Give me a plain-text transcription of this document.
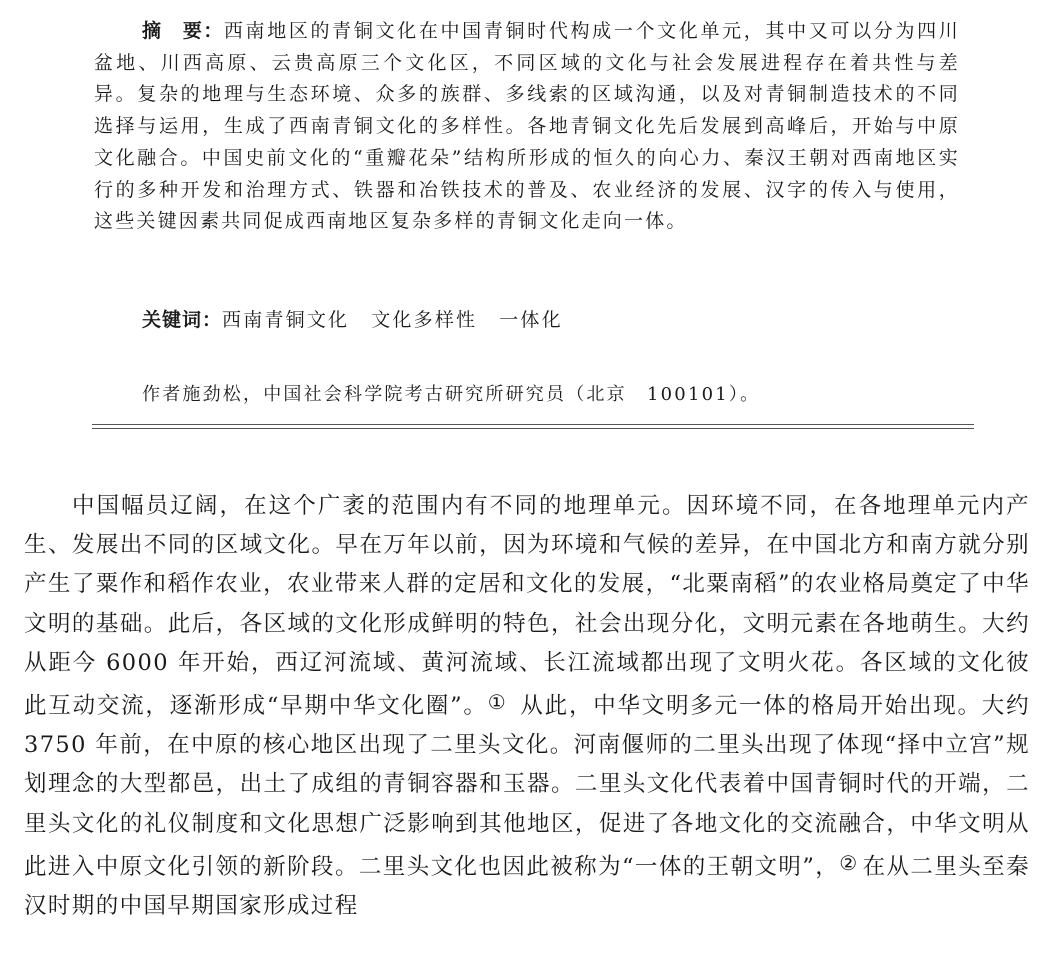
摘　要：西南地区的青铜文化在中国青铜时代构成一个文化单元，其中又可以分为四川盆地、川西高原、云贵高原三个文化区，不同区域的文化与社会发展进程存在着共性与差异。复杂的地理与生态环境、众多的族群、多线索的区域沟通，以及对青铜制造技术的不同选择与运用，生成了西南青铜文化的多样性。各地青铜文化先后发展到高峰后，开始与中原文化融合。中国史前文化的“重瓣花朵”结构所形成的恒久的向心力、秦汉王朝对西南地区实行的多种开发和治理方式、铁器和冶铁技术的普及、农业经济的发展、汉字的传入与使用，这些关键因素共同促成西南地区复杂多样的青铜文化走向一体。

关键词：西南青铜文化 文化多样性 一体化
作者施劲松，中国社会科学院考古研究所研究员（北京　100101）。

中国幅员辽阔，在这个广袤的范围内有不同的地理单元。因环境不同，在各地理单元内产生、发展出不同的区域文化。早在万年以前，因为环境和气候的差异，在中国北方和南方就分别产生了粟作和稻作农业，农业带来人群的定居和文化的发展，“北粟南稻”的农业格局奠定了中华文明的基础。此后，各区域的文化形成鲜明的特色，社会出现分化，文明元素在各地萌生。大约从距今 6000 年开始，西辽河流域、黄河流域、长江流域都出现了文明火花。各区域的文化彼此互动交流，逐渐形成“早期中华文化圈”。① 从此，中华文明多元一体的格局开始出现。大约 3750 年前，在中原的核心地区出现了二里头文化。河南偃师的二里头出现了体现“择中立宫”规划理念的大型都邑，出土了成组的青铜容器和玉器。二里头文化代表着中国青铜时代的开端，二里头文化的礼仪制度和文化思想广泛影响到其他地区，促进了各地文化的交流融合，中华文明从此进入中原文化引领的新阶段。二里头文化也因此被称为“一体的王朝文明”，② 在从二里头至秦汉时期的中国早期国家形成过程
